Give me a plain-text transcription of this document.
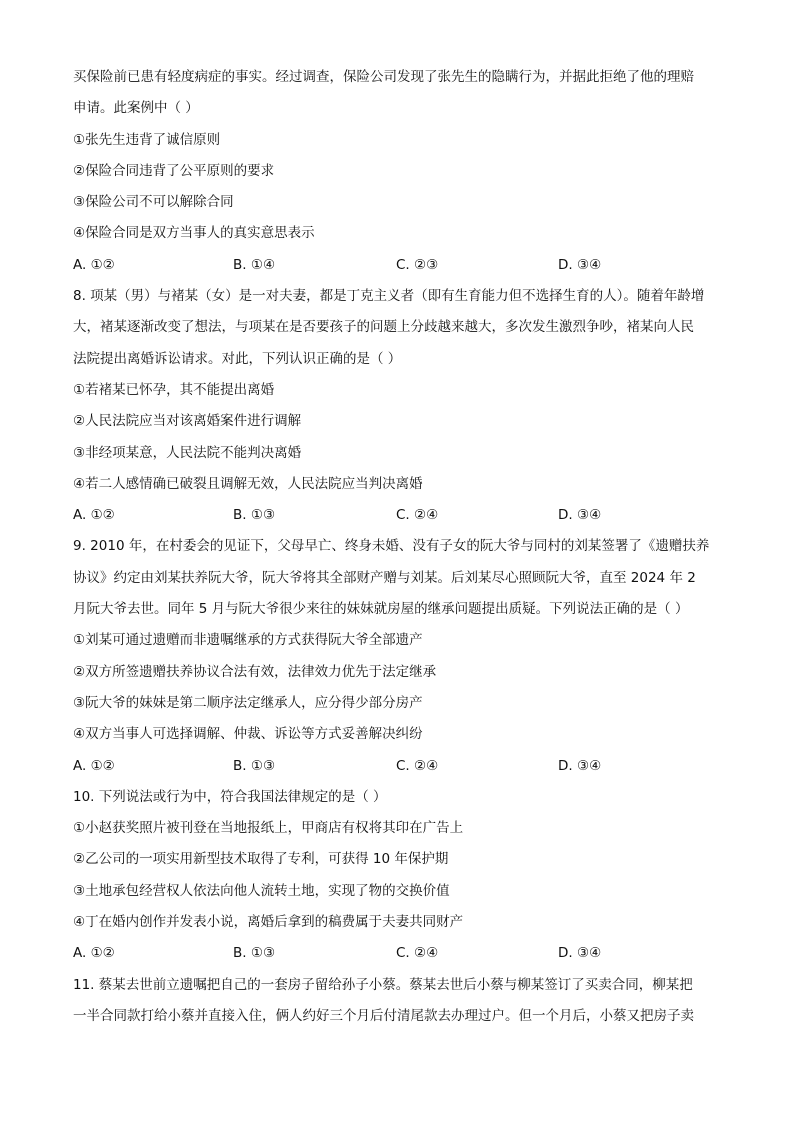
买保险前已患有轻度病症的事实。经过调查，保险公司发现了张先生的隐瞒行为，并据此拒绝了他的理赔
申请。此案例中（ ）
①张先生违背了诚信原则
②保险合同违背了公平原则的要求
③保险公司不可以解除合同
④保险合同是双方当事人的真实意思表示
A. ①②	B. ①④	C. ②③	D. ③④
8. 项某（男）与褚某（女）是一对夫妻，都是丁克主义者（即有生育能力但不选择生育的人）。随着年龄增
大，褚某逐渐改变了想法，与项某在是否要孩子的问题上分歧越来越大，多次发生激烈争吵，褚某向人民
法院提出离婚诉讼请求。对此，下列认识正确的是（ ）
①若褚某已怀孕，其不能提出离婚
②人民法院应当对该离婚案件进行调解
③非经项某意，人民法院不能判决离婚
④若二人感情确已破裂且调解无效，人民法院应当判决离婚
A. ①②	B. ①③	C. ②④	D. ③④
9. 2010 年，在村委会的见证下，父母早亡、终身未婚、没有子女的阮大爷与同村的刘某签署了《遗赠扶养
协议》约定由刘某扶养阮大爷，阮大爷将其全部财产赠与刘某。后刘某尽心照顾阮大爷，直至 2024 年 2
月阮大爷去世。同年 5 月与阮大爷很少来往的妹妹就房屋的继承问题提出质疑。下列说法正确的是（ ）
①刘某可通过遗赠而非遗嘱继承的方式获得阮大爷全部遗产
②双方所签遗赠扶养协议合法有效，法律效力优先于法定继承
③阮大爷的妹妹是第二顺序法定继承人，应分得少部分房产
④双方当事人可选择调解、仲裁、诉讼等方式妥善解决纠纷
A. ①②	B. ①③	C. ②④	D. ③④
10. 下列说法或行为中，符合我国法律规定的是（ ）
①小赵获奖照片被刊登在当地报纸上，甲商店有权将其印在广告上
②乙公司的一项实用新型技术取得了专利，可获得 10 年保护期
③土地承包经营权人依法向他人流转土地，实现了物的交换价值
④丁在婚内创作并发表小说，离婚后拿到的稿费属于夫妻共同财产
A. ①②	B. ①③	C. ②④	D. ③④
11. 蔡某去世前立遗嘱把自己的一套房子留给孙子小蔡。蔡某去世后小蔡与柳某签订了买卖合同，柳某把
一半合同款打给小蔡并直接入住，俩人约好三个月后付清尾款去办理过户。但一个月后，小蔡又把房子卖
